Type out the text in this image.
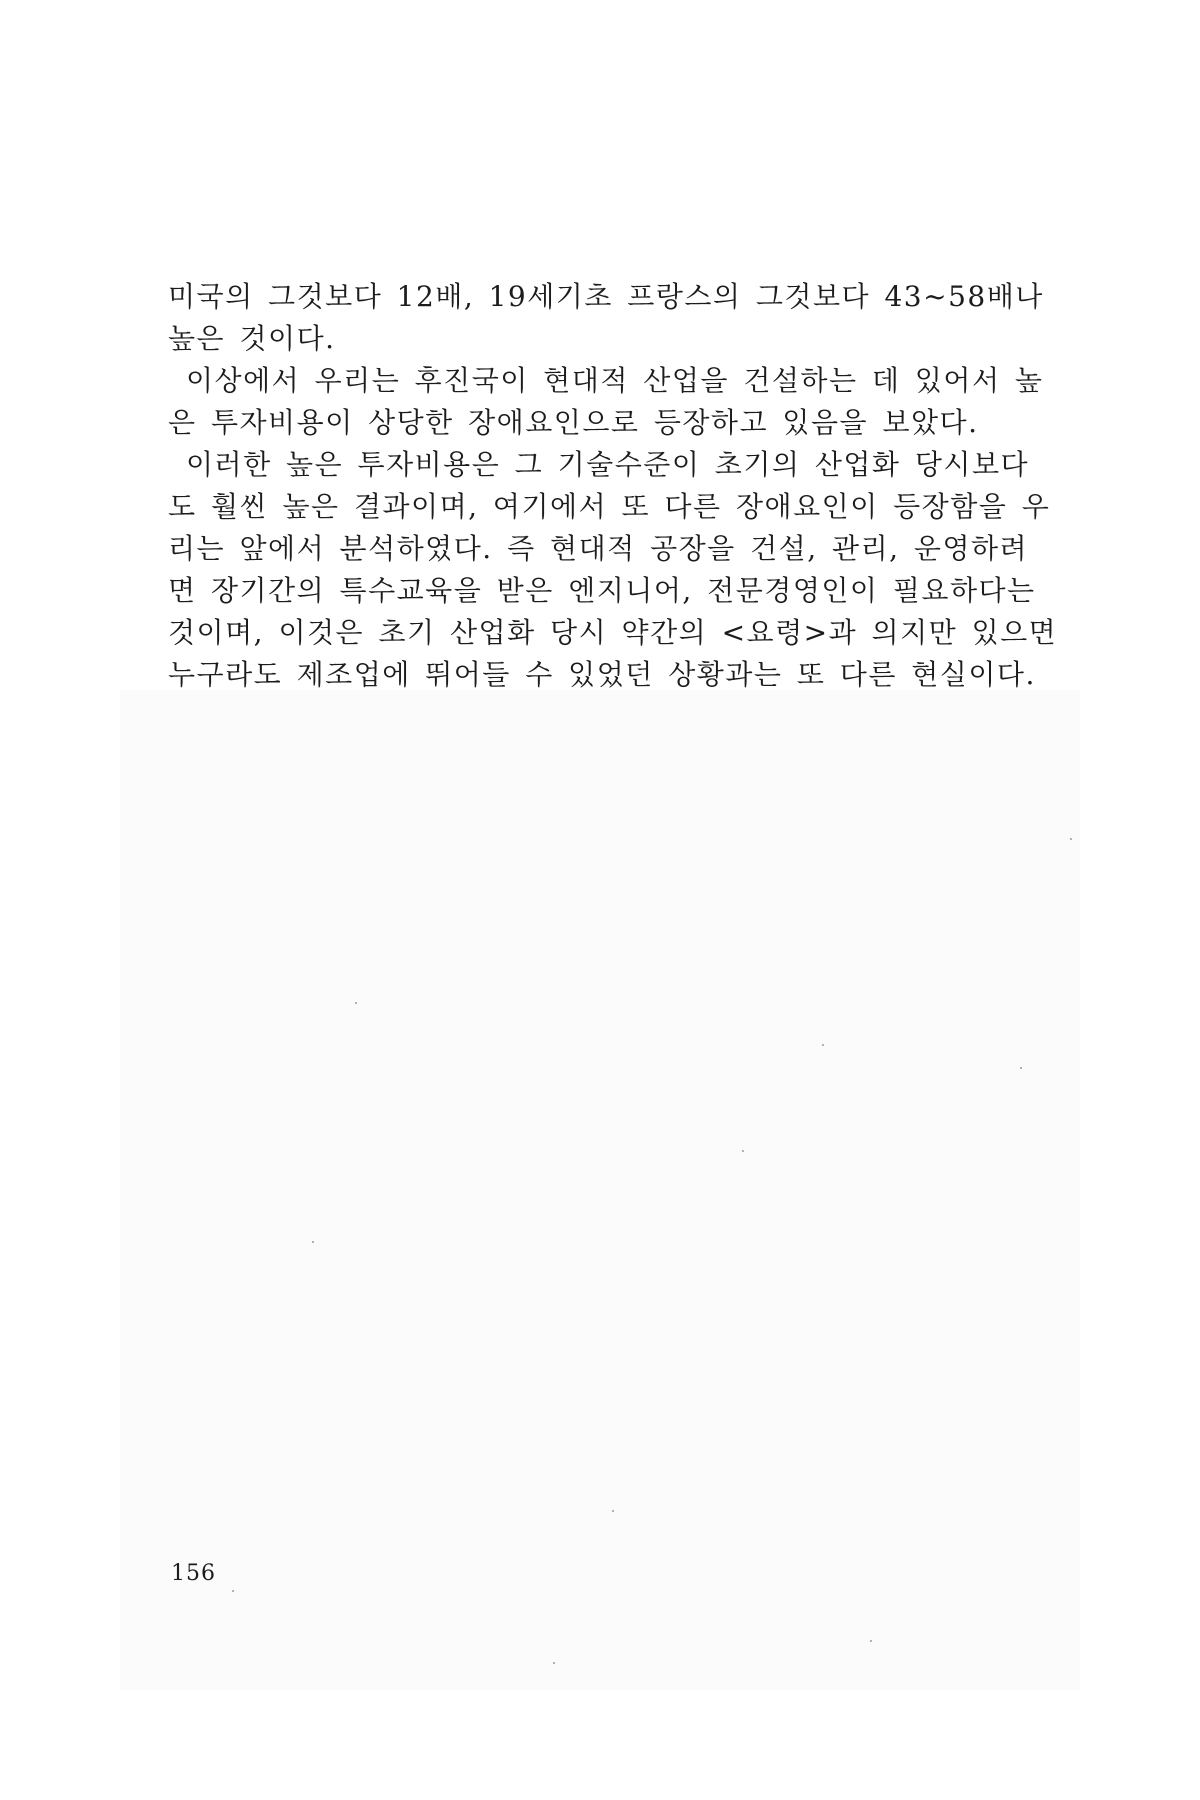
미국의 그것보다 12배, 19세기초 프랑스의 그것보다 43~58배나
높은 것이다.
이상에서 우리는 후진국이 현대적 산업을 건설하는 데 있어서 높
은 투자비용이 상당한 장애요인으로 등장하고 있음을 보았다.
이러한 높은 투자비용은 그 기술수준이 초기의 산업화 당시보다
도 훨씬 높은 결과이며, 여기에서 또 다른 장애요인이 등장함을 우
리는 앞에서 분석하였다. 즉 현대적 공장을 건설, 관리, 운영하려
면 장기간의 특수교육을 받은 엔지니어, 전문경영인이 필요하다는
것이며, 이것은 초기 산업화 당시 약간의 <요령>과 의지만 있으면
누구라도 제조업에 뛰어들 수 있었던 상황과는 또 다른 현실이다.
156
